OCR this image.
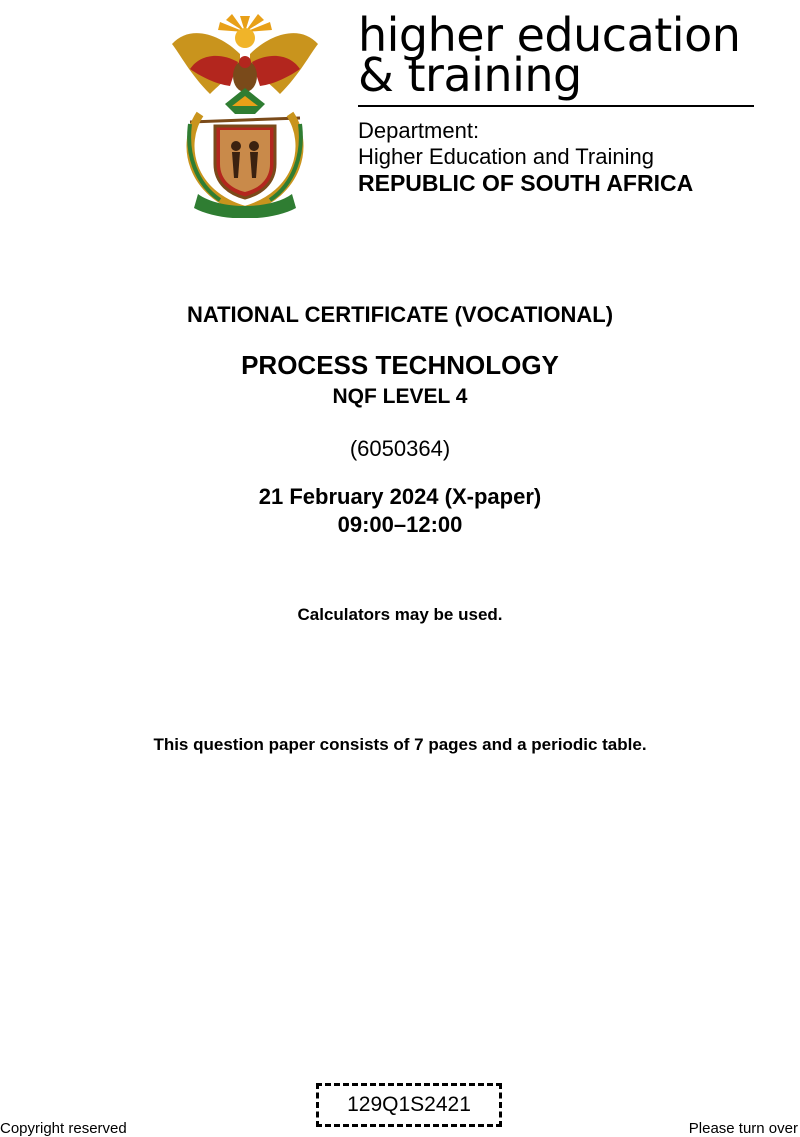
higher education
& training
Department:
Higher Education and Training
REPUBLIC OF SOUTH AFRICA
NATIONAL CERTIFICATE (VOCATIONAL)
PROCESS TECHNOLOGY
NQF LEVEL 4
(6050364)
21 February 2024 (X-paper)
09:00–12:00
Calculators may be used.
This question paper consists of 7 pages and a periodic table.
Copyright reserved
129Q1S2421
Please turn over
